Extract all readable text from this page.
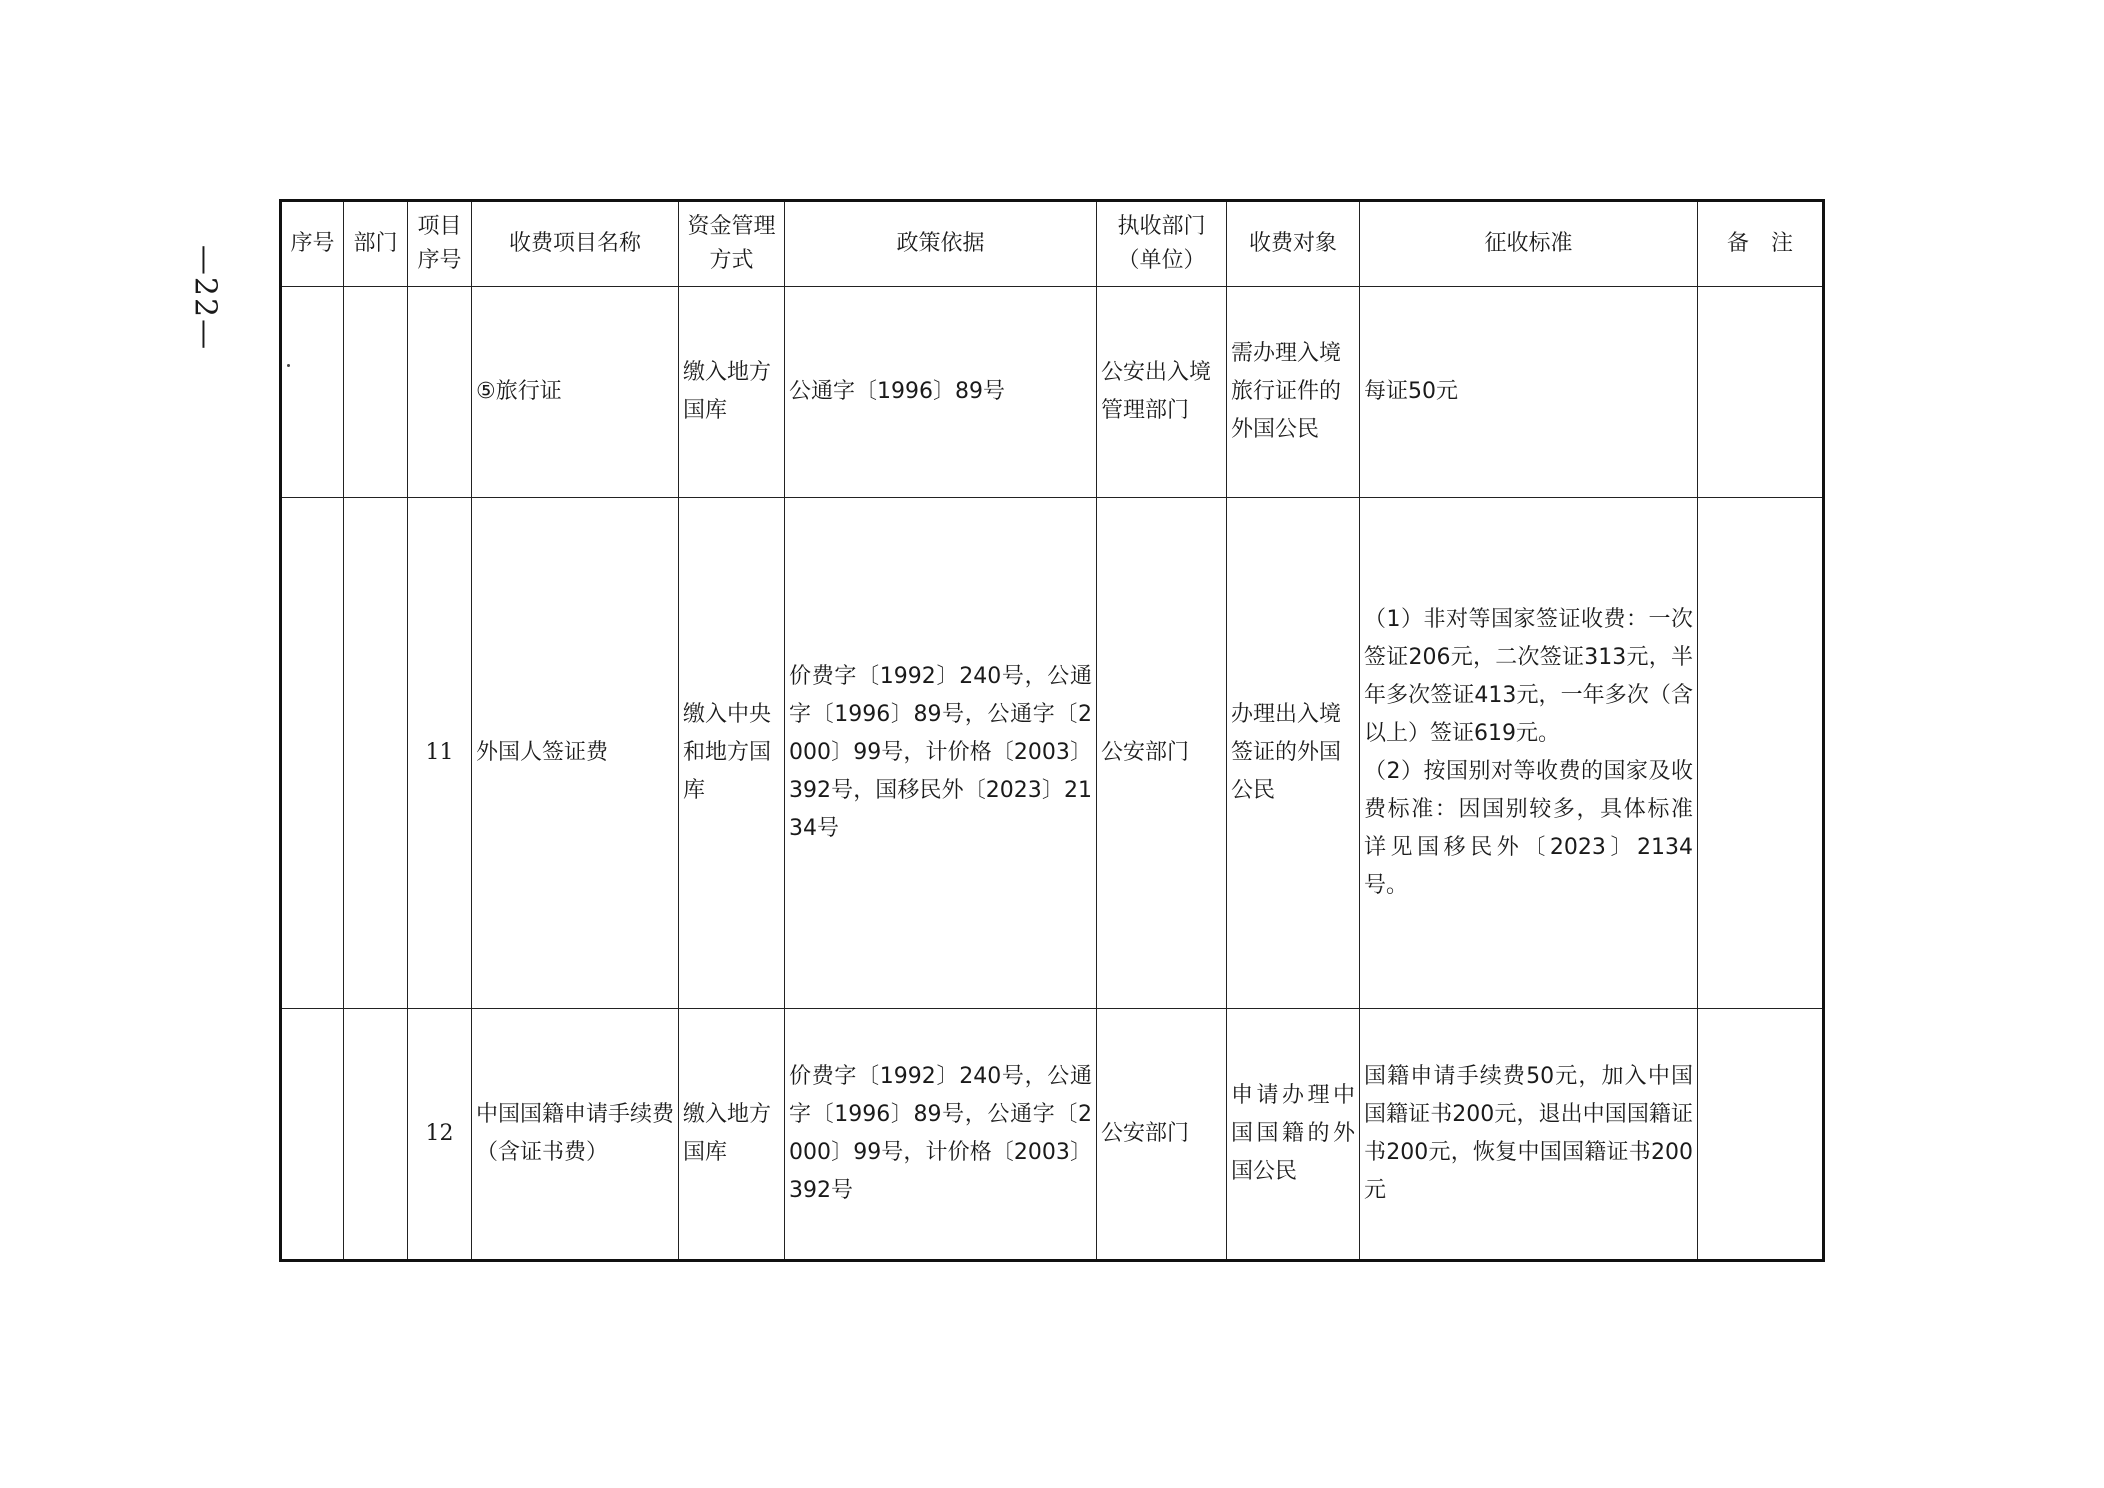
—22—
序号	部门	项目序号	收费项目名称	资金管理方式	政策依据	执收部门（单位）	收费对象	征收标准	备　注
			⑤旅行证	缴入地方国库	公通字〔1996〕89号	公安出入境管理部门	需办理入境旅行证件的外国公民	每证50元	
		11	外国人签证费	缴入中央和地方国库	价费字〔1992〕240号，公通字〔1996〕89号，公通字〔2000〕99号，计价格〔2003〕392号，国移民外〔2023〕2134号	公安部门	办理出入境签证的外国公民	（1）非对等国家签证收费：一次签证206元，二次签证313元，半年多次签证413元，一年多次（含以上）签证619元。
（2）按国别对等收费的国家及收费标准：因国别较多，具体标准详见国移民外〔2023〕2134号。	

		12	中国国籍申请手续费（含证书费）	缴入地方国库	价费字〔1992〕240号，公通字〔1996〕89号，公通字〔2000〕99号，计价格〔2003〕392号	公安部门	申请办理中国国籍的外国公民	国籍申请手续费50元，加入中国国籍证书200元，退出中国国籍证书200元，恢复中国国籍证书200元	
